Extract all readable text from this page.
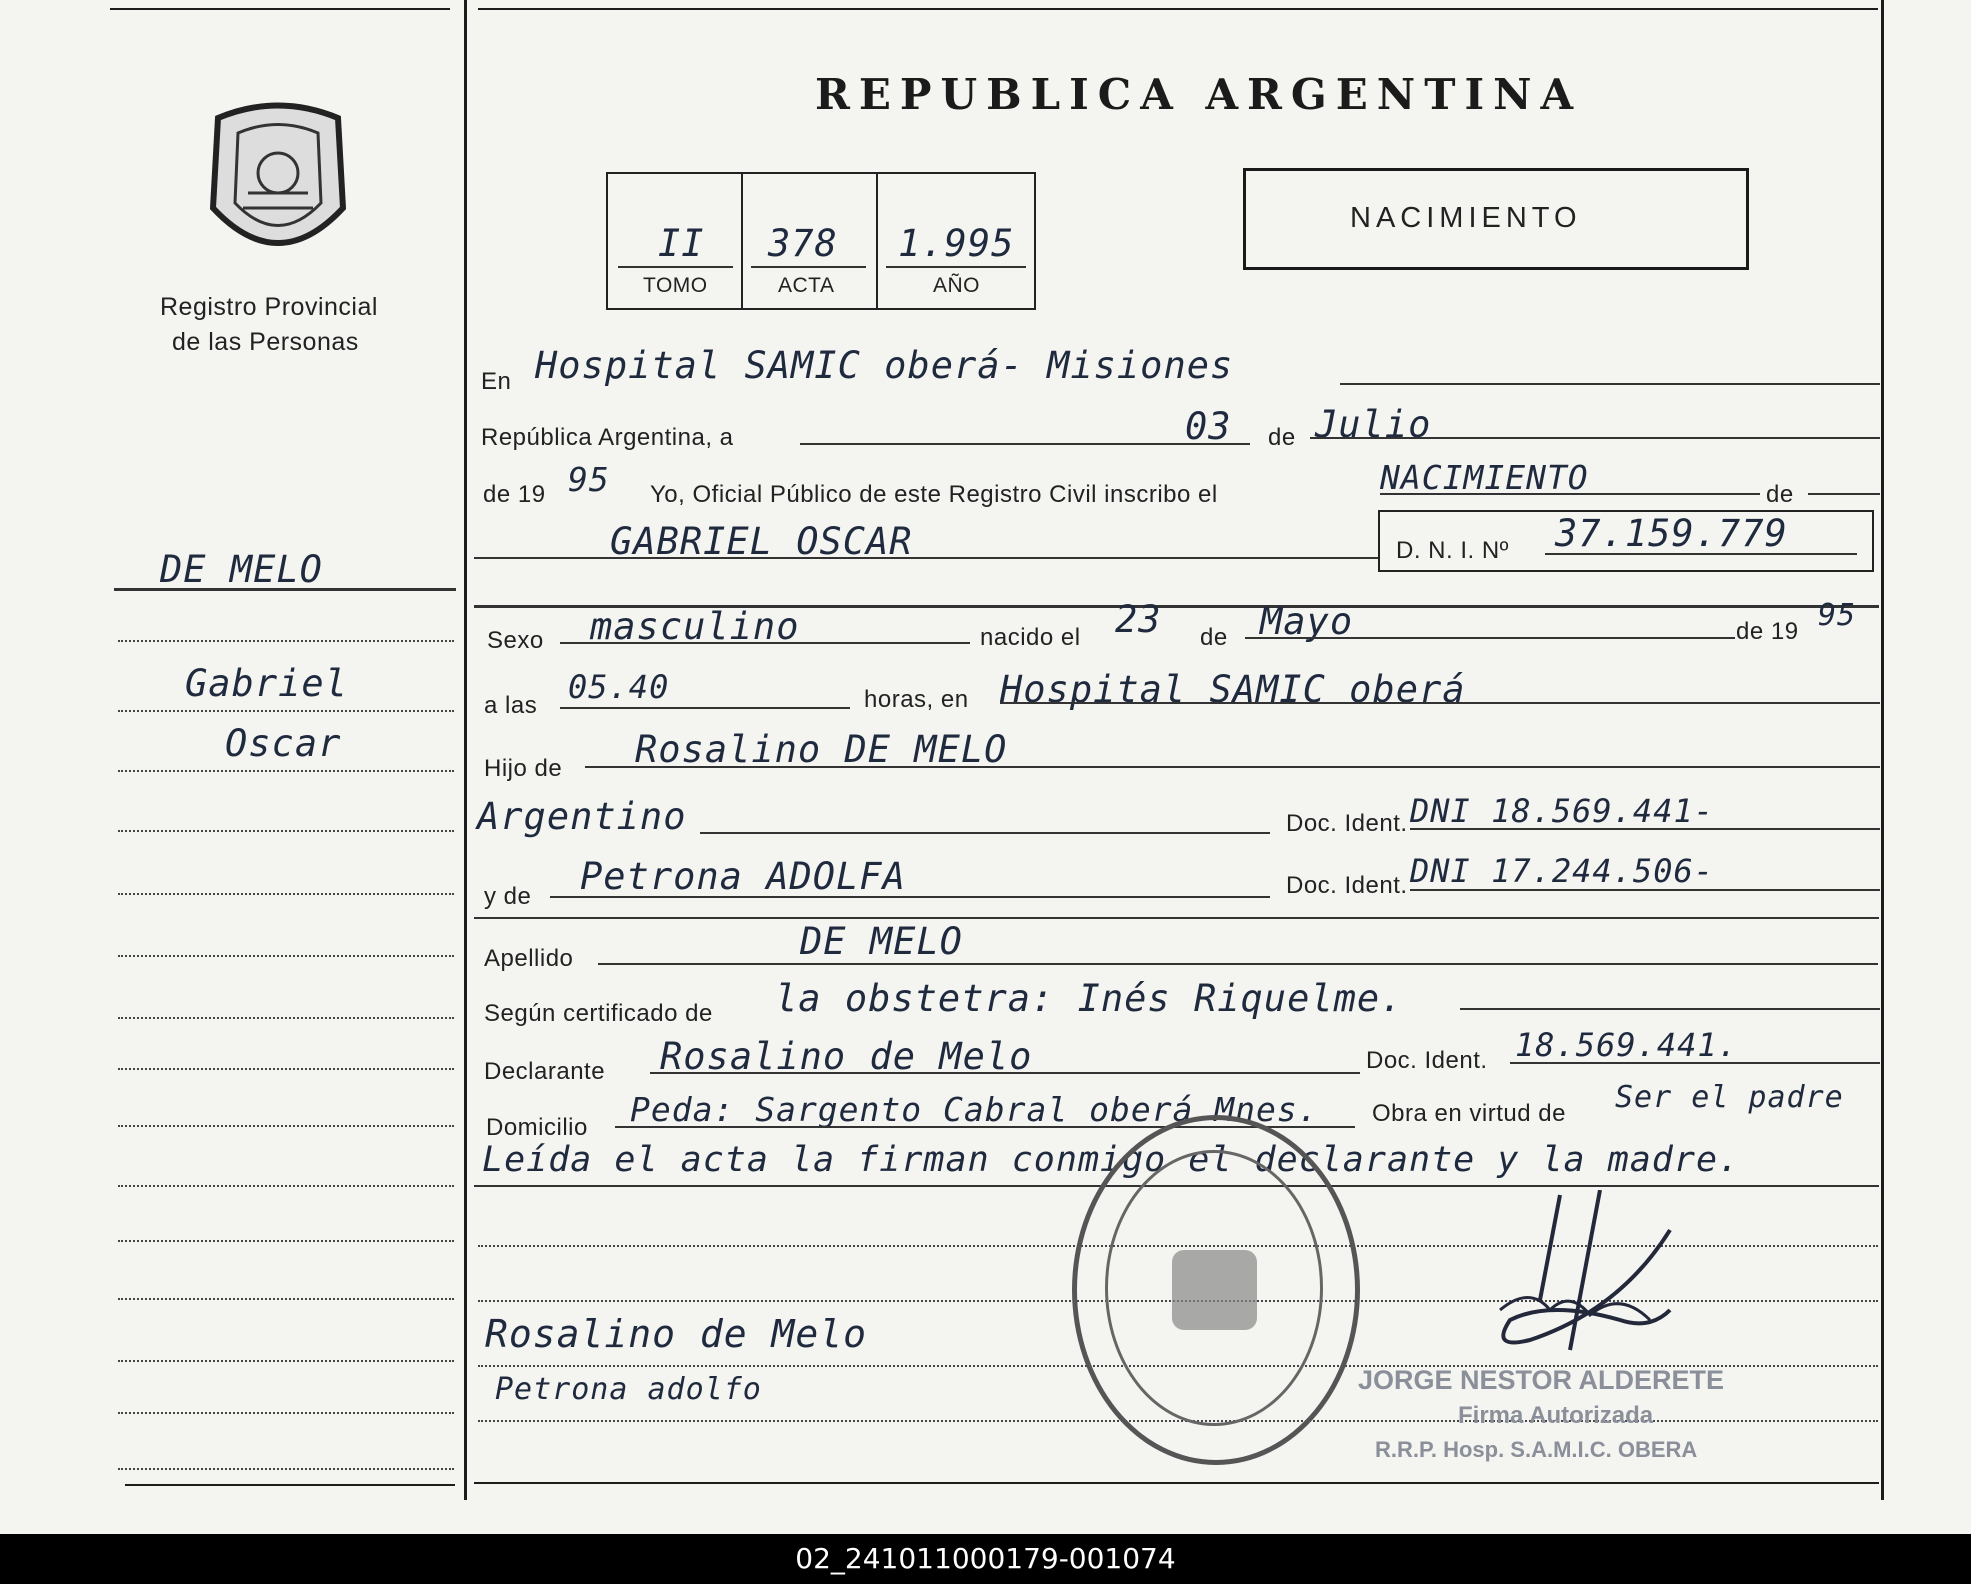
Registro Provincial
de las Personas
REPUBLICA ARGENTINA
II 378 1.995
TOMO	ACTA	AÑO
NACIMIENTO
DE MELO
Gabriel
Oscar
En Hospital SAMIC oberá- Misiones
República Argentina, a	03 de Julio
de 19 95 Yo, Oficial Público de este Registro Civil inscribo el	NACIMIENTO	de
GABRIEL OSCAR	D. N. I. Nº 37.159.779
Sexo masculino	nacido el 23 de Mayo	de 19 95
a las 05.40	horas, en Hospital SAMIC oberá
Hijo de Rosalino DE MELO
Argentino	Doc. Ident. DNI 18.569.441-
y de Petrona ADOLFA	Doc. Ident. DNI 17.244.506-
Apellido	DE MELO
Según certificado de la obstetra: Inés Riquelme.
Declarante Rosalino de Melo	Doc. Ident. 18.569.441.
Domicilio Peda: Sargento Cabral oberá Mnes. Obra en virtud de Ser el padre
Leída el acta la firman conmigo el declarante y la madre.
Rosalino de Melo
Petrona adolfo	JORGE NESTOR ALDERETE
Firma Autorizada
R.R.P. Hosp. S.A.M.I.C. OBERA
02_241011000179-001074
